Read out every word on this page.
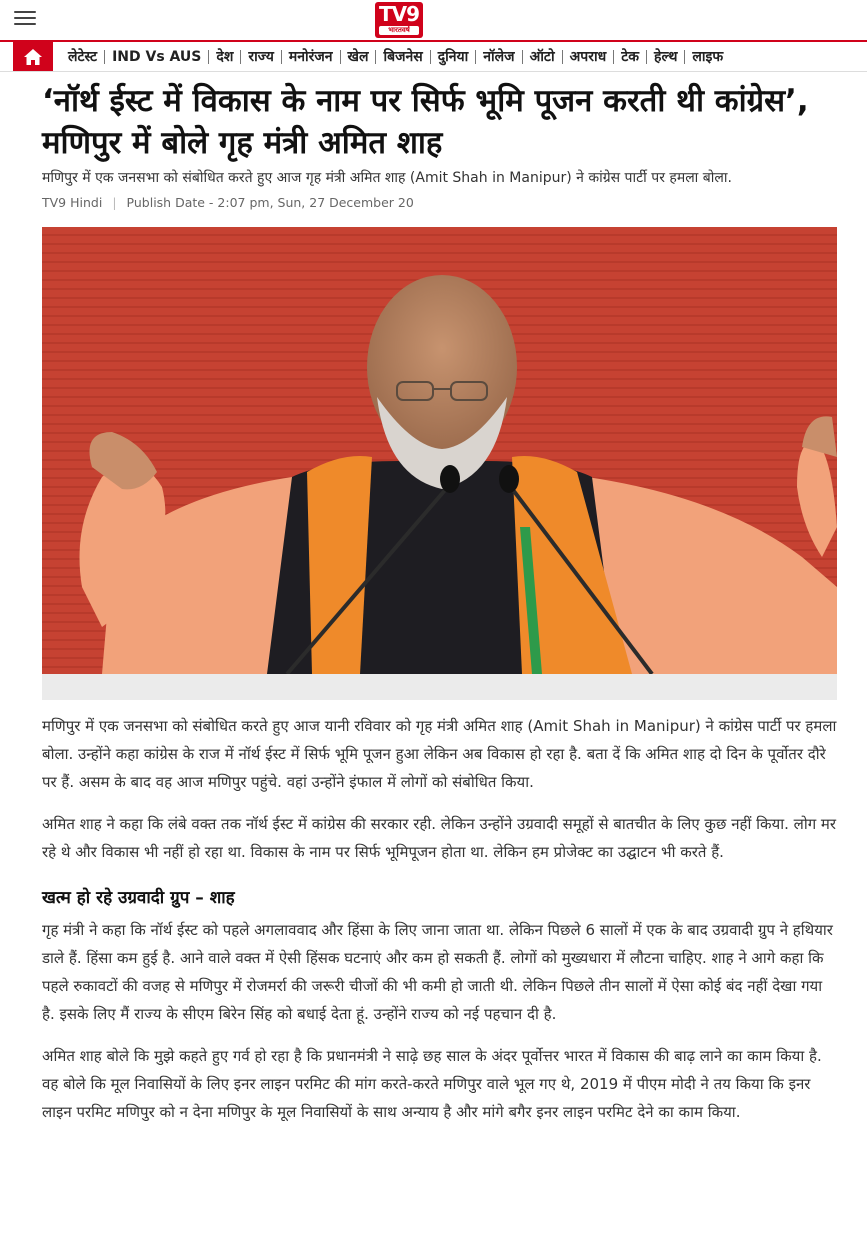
TV9
भारतवर्ष
लेटेस्ट	IND Vs AUS	देश	राज्य	मनोरंजन	खेल	बिजनेस	दुनिया	नॉलेज	ऑटो	अपराध	टेक	हेल्थ	लाइफ
‘नॉर्थ ईस्ट में विकास के नाम पर सिर्फ भूमि पूजन करती थी कांग्रेस’, मणिपुर में बोले गृह मंत्री अमित शाह

मणिपुर में एक जनसभा को संबोधित करते हुए आज गृह मंत्री अमित शाह (Amit Shah in Manipur) ने कांग्रेस पार्टी पर हमला बोला.

TV9 Hindi | Publish Date - 2:07 pm, Sun, 27 December 20

मणिपुर में एक जनसभा को संबोधित करते हुए आज यानी रविवार को गृह मंत्री अमित शाह (Amit Shah in Manipur) ने कांग्रेस पार्टी पर हमला बोला. उन्होंने कहा कांग्रेस के राज में नॉर्थ ईस्ट में सिर्फ भूमि पूजन हुआ लेकिन अब विकास हो रहा है. बता दें कि अमित शाह दो दिन के पूर्वोतर दौरे पर हैं. असम के बाद वह आज मणिपुर पहुंचे. वहां उन्होंने इंफाल में लोगों को संबोधित किया.

अमित शाह ने कहा कि लंबे वक्त तक नॉर्थ ईस्ट में कांग्रेस की सरकार रही. लेकिन उन्होंने उग्रवादी समूहों से बातचीत के लिए कुछ नहीं किया. लोग मर रहे थे और विकास भी नहीं हो रहा था. विकास के नाम पर सिर्फ भूमिपूजन होता था. लेकिन हम प्रोजेक्ट का उद्घाटन भी करते हैं.

खत्म हो रहे उग्रवादी ग्रुप – शाह

गृह मंत्री ने कहा कि नॉर्थ ईस्ट को पहले अगलाववाद और हिंसा के लिए जाना जाता था. लेकिन पिछले 6 सालों में एक के बाद उग्रवादी ग्रुप ने हथियार डाले हैं. हिंसा कम हुई है. आने वाले वक्त में ऐसी हिंसक घटनाएं और कम हो सकती हैं. लोगों को मुख्यधारा में लौटना चाहिए. शाह ने आगे कहा कि पहले रुकावटों की वजह से मणिपुर में रोजमर्रा की जरूरी चीजों की भी कमी हो जाती थी. लेकिन पिछले तीन सालों में ऐसा कोई बंद नहीं देखा गया है. इसके लिए मैं राज्य के सीएम बिरेन सिंह को बधाई देता हूं. उन्होंने राज्य को नई पहचान दी है.

अमित शाह बोले कि मुझे कहते हुए गर्व हो रहा है कि प्रधानमंत्री ने साढ़े छह साल के अंदर पूर्वोत्तर भारत में विकास की बाढ़ लाने का काम किया है. वह बोले कि मूल निवासियों के लिए इनर लाइन परमिट की मांग करते-करते मणिपुर वाले भूल गए थे, 2019 में पीएम मोदी ने तय किया कि इनर लाइन परमिट मणिपुर को न देना मणिपुर के मूल निवासियों के साथ अन्याय है और मांगे बगैर इनर लाइन परमिट देने का काम किया.
